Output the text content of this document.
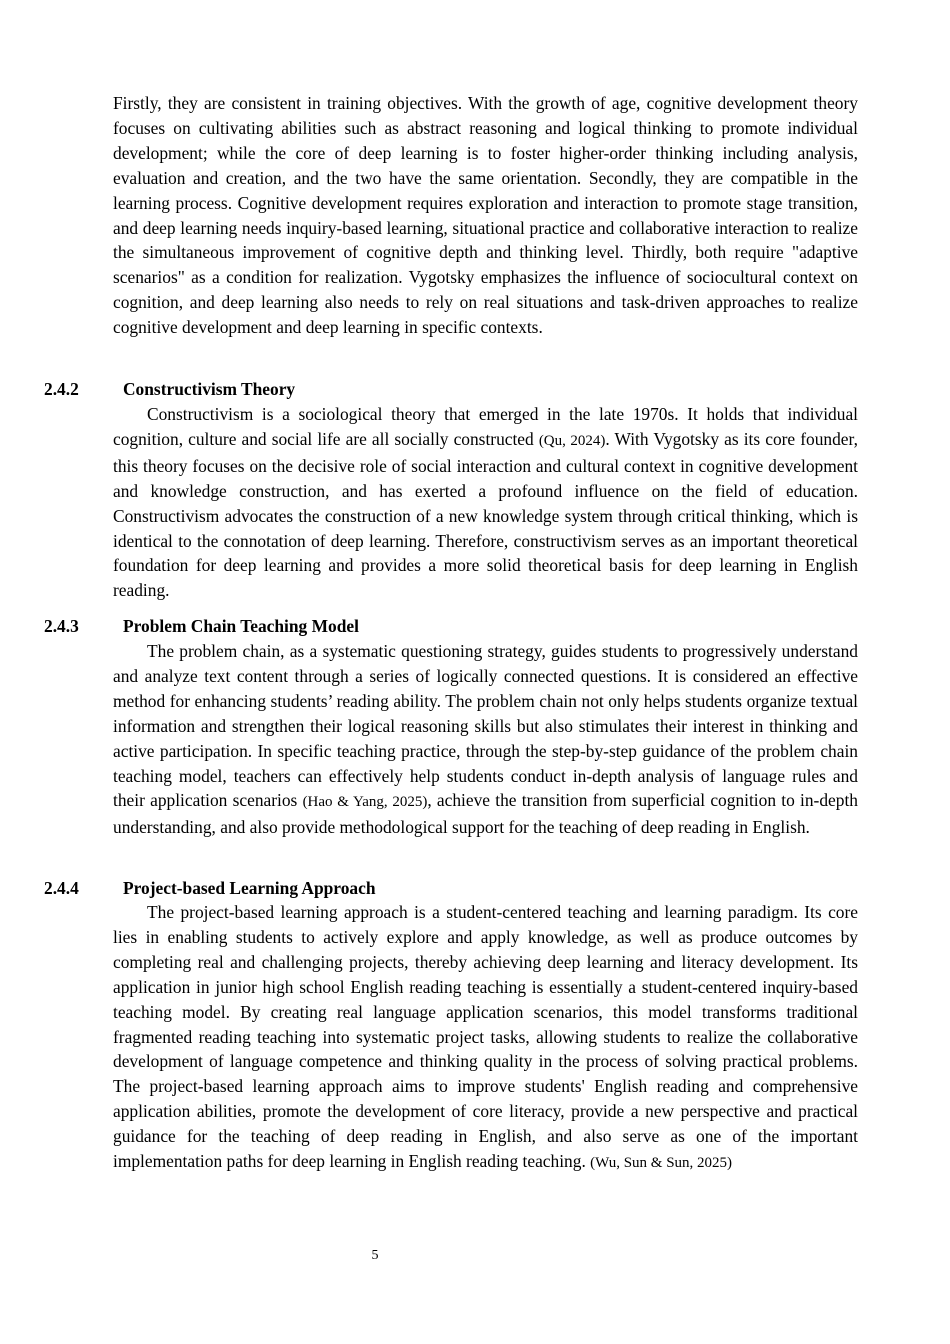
Firstly, they are consistent in training objectives. With the growth of age, cognitive development theory focuses on cultivating abilities such as abstract reasoning and logical thinking to promote individual development; while the core of deep learning is to foster higher-order thinking including analysis, evaluation and creation, and the two have the same orientation. Secondly, they are compatible in the learning process. Cognitive development requires exploration and interaction to promote stage transition, and deep learning needs inquiry-based learning, situational practice and collaborative interaction to realize the simultaneous improvement of cognitive depth and thinking level. Thirdly, both require "adaptive scenarios" as a condition for realization. Vygotsky emphasizes the influence of sociocultural context on cognition, and deep learning also needs to rely on real situations and task-driven approaches to realize cognitive development and deep learning in specific contexts.

2.4.2	Constructivism Theory

Constructivism is a sociological theory that emerged in the late 1970s. It holds that individual cognition, culture and social life are all socially constructed (Qu, 2024). With Vygotsky as its core founder, this theory focuses on the decisive role of social interaction and cultural context in cognitive development and knowledge construction, and has exerted a profound influence on the field of education. Constructivism advocates the construction of a new knowledge system through critical thinking, which is identical to the connotation of deep learning. Therefore, constructivism serves as an important theoretical foundation for deep learning and provides a more solid theoretical basis for deep learning in English reading.

2.4.3	Problem Chain Teaching Model

The problem chain, as a systematic questioning strategy, guides students to progressively understand and analyze text content through a series of logically connected questions. It is considered an effective method for enhancing students’ reading ability. The problem chain not only helps students organize textual information and strengthen their logical reasoning skills but also stimulates their interest in thinking and active participation. In specific teaching practice, through the step-by-step guidance of the problem chain teaching model, teachers can effectively help students conduct in-depth analysis of language rules and their application scenarios (Hao & Yang, 2025), achieve the transition from superficial cognition to in-depth understanding, and also provide methodological support for the teaching of deep reading in English.

2.4.4	Project-based Learning Approach

The project-based learning approach is a student-centered teaching and learning paradigm. Its core lies in enabling students to actively explore and apply knowledge, as well as produce outcomes by completing real and challenging projects, thereby achieving deep learning and literacy development. Its application in junior high school English reading teaching is essentially a student-centered inquiry-based teaching model. By creating real language application scenarios, this model transforms traditional fragmented reading teaching into systematic project tasks, allowing students to realize the collaborative development of language competence and thinking quality in the process of solving practical problems. The project-based learning approach aims to improve students' English reading and comprehensive application abilities, promote the development of core literacy, provide a new perspective and practical guidance for the teaching of deep reading in English, and also serve as one of the important implementation paths for deep learning in English reading teaching. (Wu, Sun & Sun, 2025)

5
